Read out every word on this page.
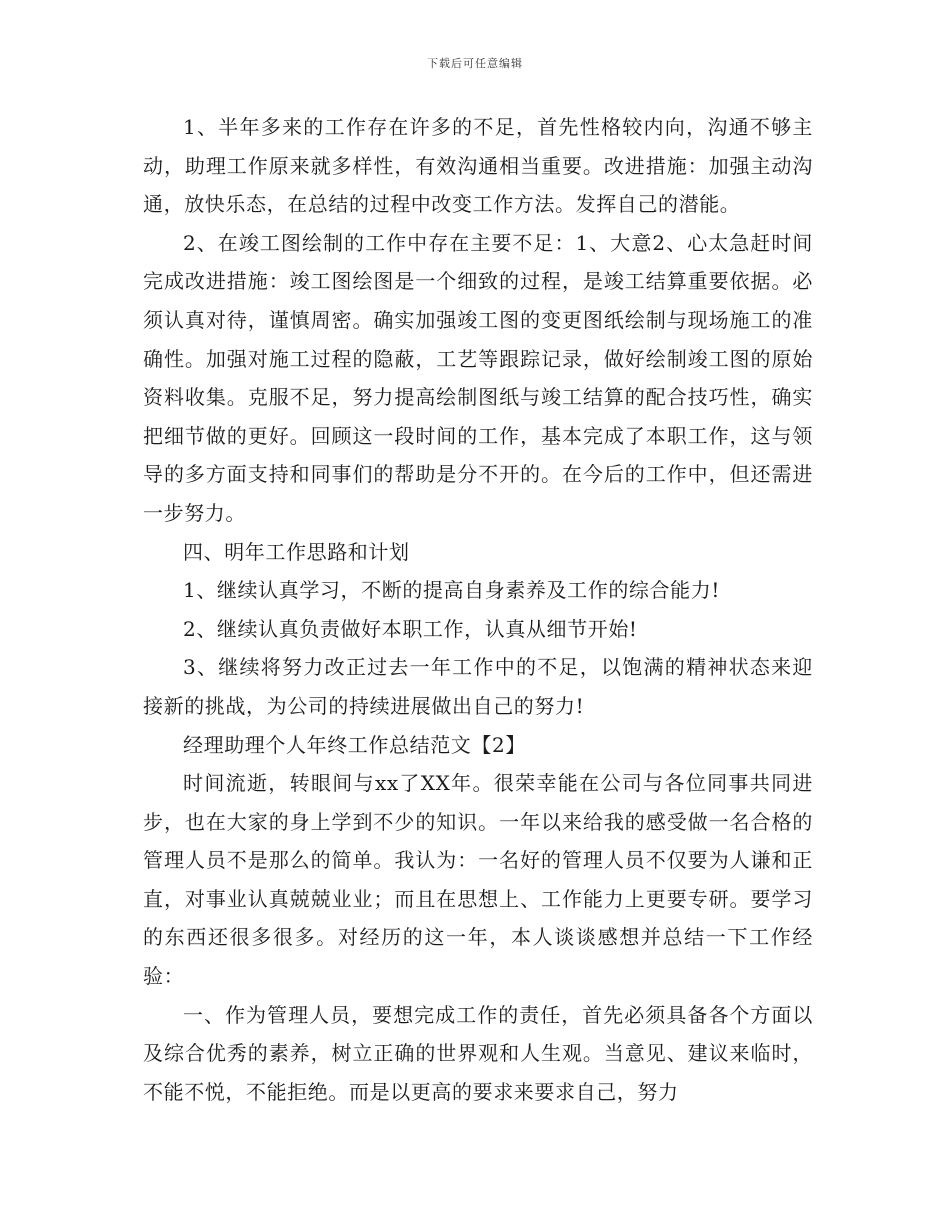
下载后可任意编辑

1、半年多来的工作存在许多的不足，首先性格较内向，沟通不够主动，助理工作原来就多样性，有效沟通相当重要。改进措施：加强主动沟通，放快乐态，在总结的过程中改变工作方法。发挥自己的潜能。

2、在竣工图绘制的工作中存在主要不足：1、大意2、心太急赶时间完成改进措施：竣工图绘图是一个细致的过程，是竣工结算重要依据。必须认真对待，谨慎周密。确实加强竣工图的变更图纸绘制与现场施工的准确性。加强对施工过程的隐蔽，工艺等跟踪记录，做好绘制竣工图的原始资料收集。克服不足，努力提高绘制图纸与竣工结算的配合技巧性，确实把细节做的更好。回顾这一段时间的工作，基本完成了本职工作，这与领导的多方面支持和同事们的帮助是分不开的。在今后的工作中，但还需进一步努力。

四、明年工作思路和计划

1、继续认真学习，不断的提高自身素养及工作的综合能力!

2、继续认真负责做好本职工作，认真从细节开始!

3、继续将努力改正过去一年工作中的不足，以饱满的精神状态来迎接新的挑战，为公司的持续进展做出自己的努力!

经理助理个人年终工作总结范文【2】

时间流逝，转眼间与xx了XX年。很荣幸能在公司与各位同事共同进步，也在大家的身上学到不少的知识。一年以来给我的感受做一名合格的管理人员不是那么的简单。我认为：一名好的管理人员不仅要为人谦和正直，对事业认真兢兢业业；而且在思想上、工作能力上更要专研。要学习的东西还很多很多。对经历的这一年，本人谈谈感想并总结一下工作经验：

一、作为管理人员，要想完成工作的责任，首先必须具备各个方面以及综合优秀的素养，树立正确的世界观和人生观。当意见、建议来临时，不能不悦，不能拒绝。而是以更高的要求来要求自己，努力
